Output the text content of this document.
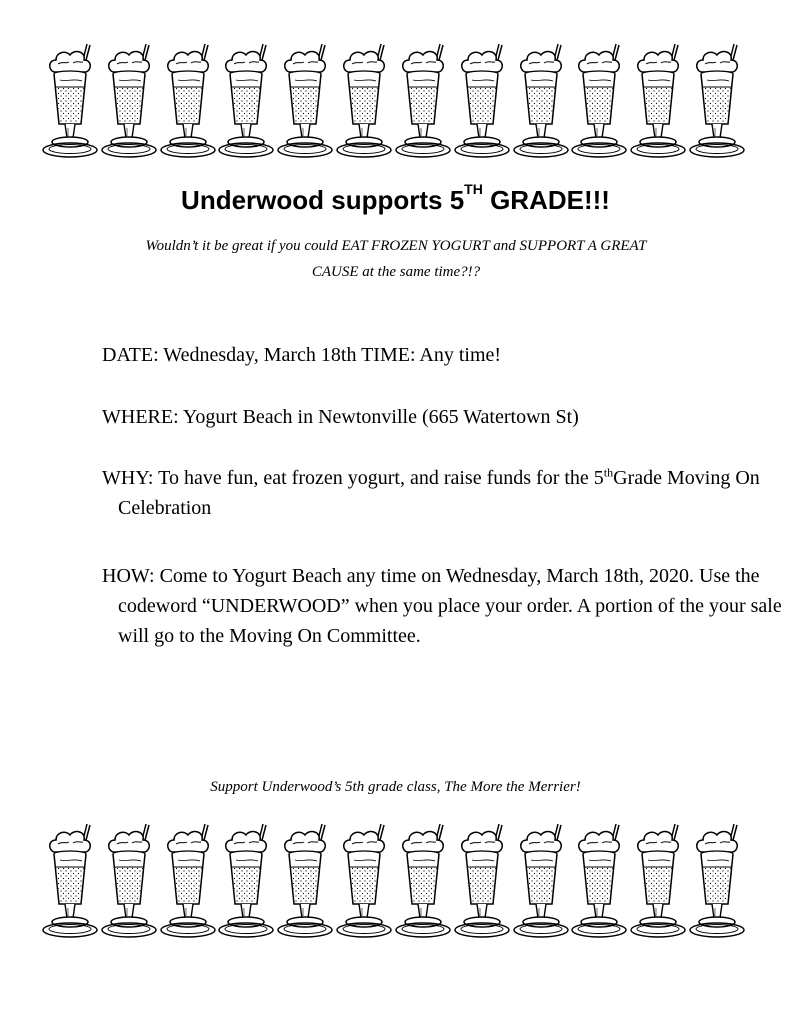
Underwood supports 5TH GRADE!!!

Wouldn’t it be great if you could EAT FROZEN YOGURT and SUPPORT A GREAT
CAUSE at the same time?!?

DATE: Wednesday, March 18th TIME: Any time!

WHERE: Yogurt Beach in Newtonville (665 Watertown St)

WHY: To have fun, eat frozen yogurt, and raise funds for the 5thGrade Moving On Celebration

HOW: Come to Yogurt Beach any time on Wednesday, March 18th, 2020. Use the codeword “UNDERWOOD” when you place your order. A portion of the your sale will go to the Moving On Committee.

Support Underwood’s 5th grade class, The More the Merrier!
